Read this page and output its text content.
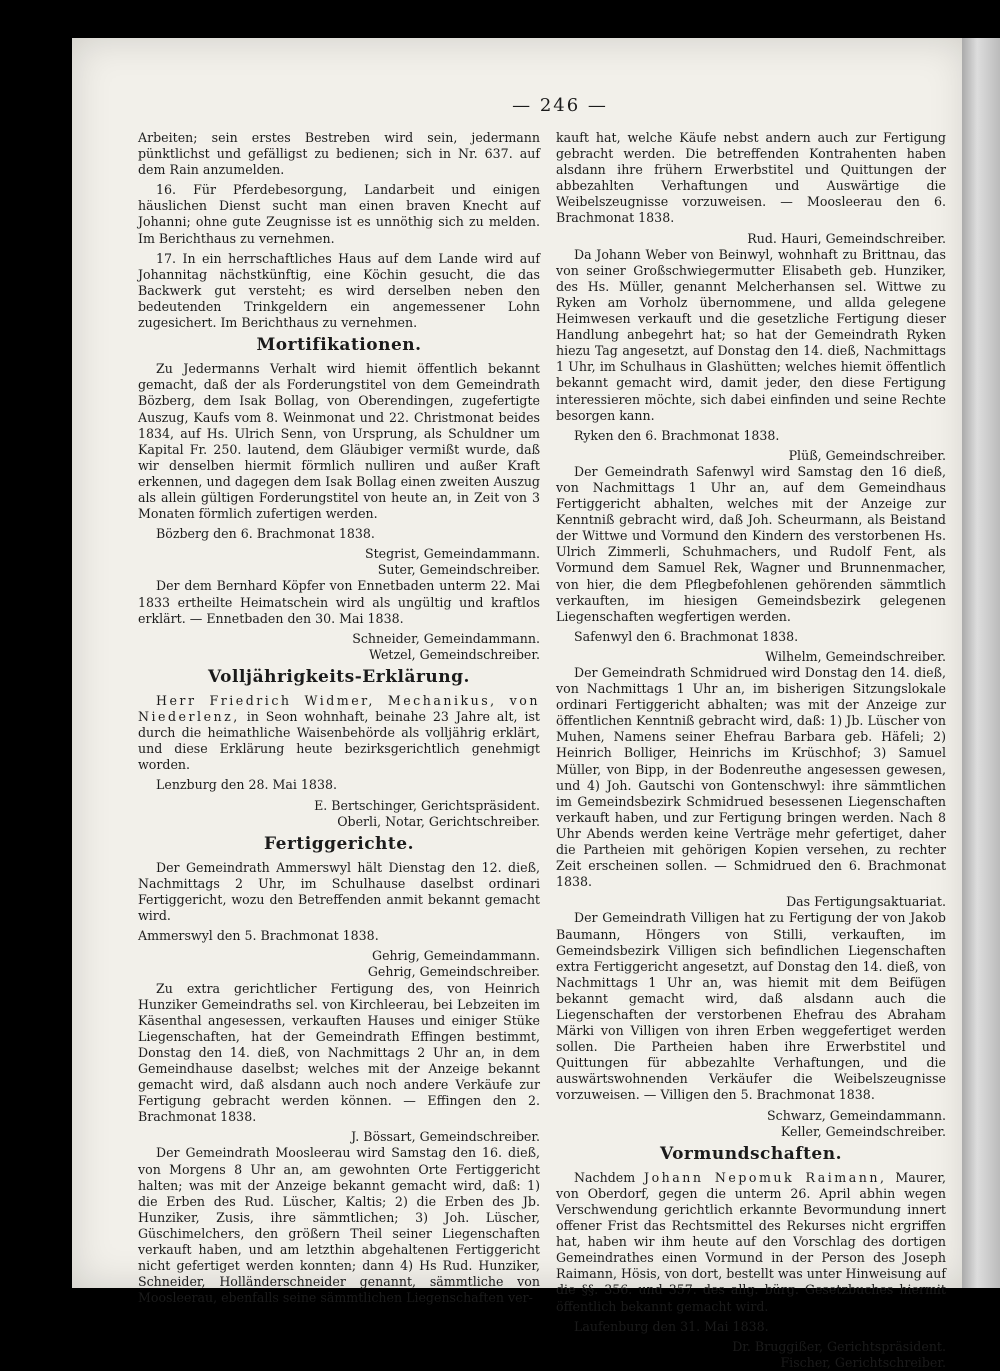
— 246 —

Arbeiten; sein erstes Bestreben wird sein, jedermann pünktlichst und gefälligst zu bedienen; sich in Nr. 637. auf dem Rain anzumelden.

16. Für Pferdebesorgung, Landarbeit und einigen häuslichen Dienst sucht man einen braven Knecht auf Johanni; ohne gute Zeugnisse ist es unnöthig sich zu melden. Im Berichthaus zu vernehmen.

17. In ein herrschaftliches Haus auf dem Lande wird auf Johannitag nächstkünftig, eine Köchin gesucht, die das Backwerk gut versteht; es wird derselben neben den bedeutenden Trinkgeldern ein angemessener Lohn zugesichert. Im Berichthaus zu vernehmen.

Mortifikationen.

Zu Jedermanns Verhalt wird hiemit öffentlich bekannt gemacht, daß der als Forderungstitel von dem Gemeindrath Bözberg, dem Isak Bollag, von Oberendingen, zugefertigte Auszug, Kaufs vom 8. Weinmonat und 22. Christmonat beides 1834, auf Hs. Ulrich Senn, von Ursprung, als Schuldner um Kapital Fr. 250. lautend, dem Gläubiger vermißt wurde, daß wir denselben hiermit förmlich nulliren und außer Kraft erkennen, und dagegen dem Isak Bollag einen zweiten Auszug als allein gültigen Forderungstitel von heute an, in Zeit von 3 Monaten förmlich zufertigen werden.

Bözberg den 6. Brachmonat 1838.

Stegrist, Gemeindammann.

Suter, Gemeindschreiber.

Der dem Bernhard Köpfer von Ennetbaden unterm 22. Mai 1833 ertheilte Heimatschein wird als ungültig und kraftlos erklärt. — Ennetbaden den 30. Mai 1838.

Schneider, Gemeindammann.

Wetzel, Gemeindschreiber.

Volljährigkeits-Erklärung.

Herr Friedrich Widmer, Mechanikus, von Niederlenz, in Seon wohnhaft, beinahe 23 Jahre alt, ist durch die heimathliche Waisenbehörde als volljährig erklärt, und diese Erklärung heute bezirksgerichtlich genehmigt worden.

Lenzburg den 28. Mai 1838.

E. Bertschinger, Gerichtspräsident.

Oberli, Notar, Gerichtschreiber.

Fertiggerichte.

Der Gemeindrath Ammerswyl hält Dienstag den 12. dieß, Nachmittags 2 Uhr, im Schulhause daselbst ordinari Fertiggericht, wozu den Betreffenden anmit bekannt gemacht wird.

Ammerswyl den 5. Brachmonat 1838.

Gehrig, Gemeindammann.

Gehrig, Gemeindschreiber.

Zu extra gerichtlicher Fertigung des, von Heinrich Hunziker Gemeindraths sel. von Kirchleerau, bei Lebzeiten im Käsenthal angesessen, verkauften Hauses und einiger Stüke Liegenschaften, hat der Gemeindrath Effingen bestimmt, Donstag den 14. dieß, von Nachmittags 2 Uhr an, in dem Gemeindhause daselbst; welches mit der Anzeige bekannt gemacht wird, daß alsdann auch noch andere Verkäufe zur Fertigung gebracht werden können. — Effingen den 2. Brachmonat 1838.

J. Bössart, Gemeindschreiber.

Der Gemeindrath Moosleerau wird Samstag den 16. dieß, von Morgens 8 Uhr an, am gewohnten Orte Fertiggericht halten; was mit der Anzeige bekannt gemacht wird, daß: 1) die Erben des Rud. Lüscher, Kaltis; 2) die Erben des Jb. Hunziker, Zusis, ihre sämmtlichen; 3) Joh. Lüscher, Güschimelchers, den größern Theil seiner Liegenschaften verkauft haben, und am letzthin abgehaltenen Fertiggericht nicht gefertiget werden konnten; dann 4) Hs Rud. Hunziker, Schneider, Holländerschneider genannt, sämmtliche von Moosleerau, ebenfalls seine sämmtlichen Liegenschaften ver-

kauft hat, welche Käufe nebst andern auch zur Fertigung gebracht werden. Die betreffenden Kontrahenten haben alsdann ihre frühern Erwerbstitel und Quittungen der abbezahlten Verhaftungen und Auswärtige die Weibelszeugnisse vorzuweisen. — Moosleerau den 6. Brachmonat 1838.

Rud. Hauri, Gemeindschreiber.

Da Johann Weber von Beinwyl, wohnhaft zu Brittnau, das von seiner Großschwiegermutter Elisabeth geb. Hunziker, des Hs. Müller, genannt Melcherhansen sel. Wittwe zu Ryken am Vorholz übernommene, und allda gelegene Heimwesen verkauft und die gesetzliche Fertigung dieser Handlung anbegehrt hat; so hat der Gemeindrath Ryken hiezu Tag angesetzt, auf Donstag den 14. dieß, Nachmittags 1 Uhr, im Schulhaus in Glashütten; welches hiemit öffentlich bekannt gemacht wird, damit jeder, den diese Fertigung interessieren möchte, sich dabei einfinden und seine Rechte besorgen kann.

Ryken den 6. Brachmonat 1838.

Plüß, Gemeindschreiber.

Der Gemeindrath Safenwyl wird Samstag den 16 dieß, von Nachmittags 1 Uhr an, auf dem Gemeindhaus Fertiggericht abhalten, welches mit der Anzeige zur Kenntniß gebracht wird, daß Joh. Scheurmann, als Beistand der Wittwe und Vormund den Kindern des verstorbenen Hs. Ulrich Zimmerli, Schuhmachers, und Rudolf Fent, als Vormund dem Samuel Rek, Wagner und Brunnenmacher, von hier, die dem Pflegbefohlenen gehörenden sämmtlich verkauften, im hiesigen Gemeindsbezirk gelegenen Liegenschaften wegfertigen werden.

Safenwyl den 6. Brachmonat 1838.

Wilhelm, Gemeindschreiber.

Der Gemeindrath Schmidrued wird Donstag den 14. dieß, von Nachmittags 1 Uhr an, im bisherigen Sitzungslokale ordinari Fertiggericht abhalten; was mit der Anzeige zur öffentlichen Kenntniß gebracht wird, daß: 1) Jb. Lüscher von Muhen, Namens seiner Ehefrau Barbara geb. Häfeli; 2) Heinrich Bolliger, Heinrichs im Krüschhof; 3) Samuel Müller, von Bipp, in der Bodenreuthe angesessen gewesen, und 4) Joh. Gautschi von Gontenschwyl: ihre sämmtlichen im Gemeindsbezirk Schmidrued besessenen Liegenschaften verkauft haben, und zur Fertigung bringen werden. Nach 8 Uhr Abends werden keine Verträge mehr gefertiget, daher die Partheien mit gehörigen Kopien versehen, zu rechter Zeit erscheinen sollen. — Schmidrued den 6. Brachmonat 1838.

Das Fertigungsaktuariat.

Der Gemeindrath Villigen hat zu Fertigung der von Jakob Baumann, Höngers von Stilli, verkauften, im Gemeindsbezirk Villigen sich befindlichen Liegenschaften extra Fertiggericht angesetzt, auf Donstag den 14. dieß, von Nachmittags 1 Uhr an, was hiemit mit dem Beifügen bekannt gemacht wird, daß alsdann auch die Liegenschaften der verstorbenen Ehefrau des Abraham Märki von Villigen von ihren Erben weggefertiget werden sollen. Die Partheien haben ihre Erwerbstitel und Quittungen für abbezahlte Verhaftungen, und die auswärtswohnenden Verkäufer die Weibelszeugnisse vorzuweisen. — Villigen den 5. Brachmonat 1838.

Schwarz, Gemeindammann.

Keller, Gemeindschreiber.

Vormundschaften.

Nachdem Johann Nepomuk Raimann, Maurer, von Oberdorf, gegen die unterm 26. April abhin wegen Verschwendung gerichtlich erkannte Bevormundung innert offener Frist das Rechtsmittel des Rekurses nicht ergriffen hat, haben wir ihm heute auf den Vorschlag des dortigen Gemeindrathes einen Vormund in der Person des Joseph Raimann, Hösis, von dort, bestellt was unter Hinweisung auf die §§. 356. und 357. des allg. bürg. Gesetzbuches hiermit öffentlich bekannt gemacht wird.

Laufenburg den 31. Mai 1838.

Dr. Bruggißer, Gerichtspräsident.

Fischer, Gerichtschreiber.
